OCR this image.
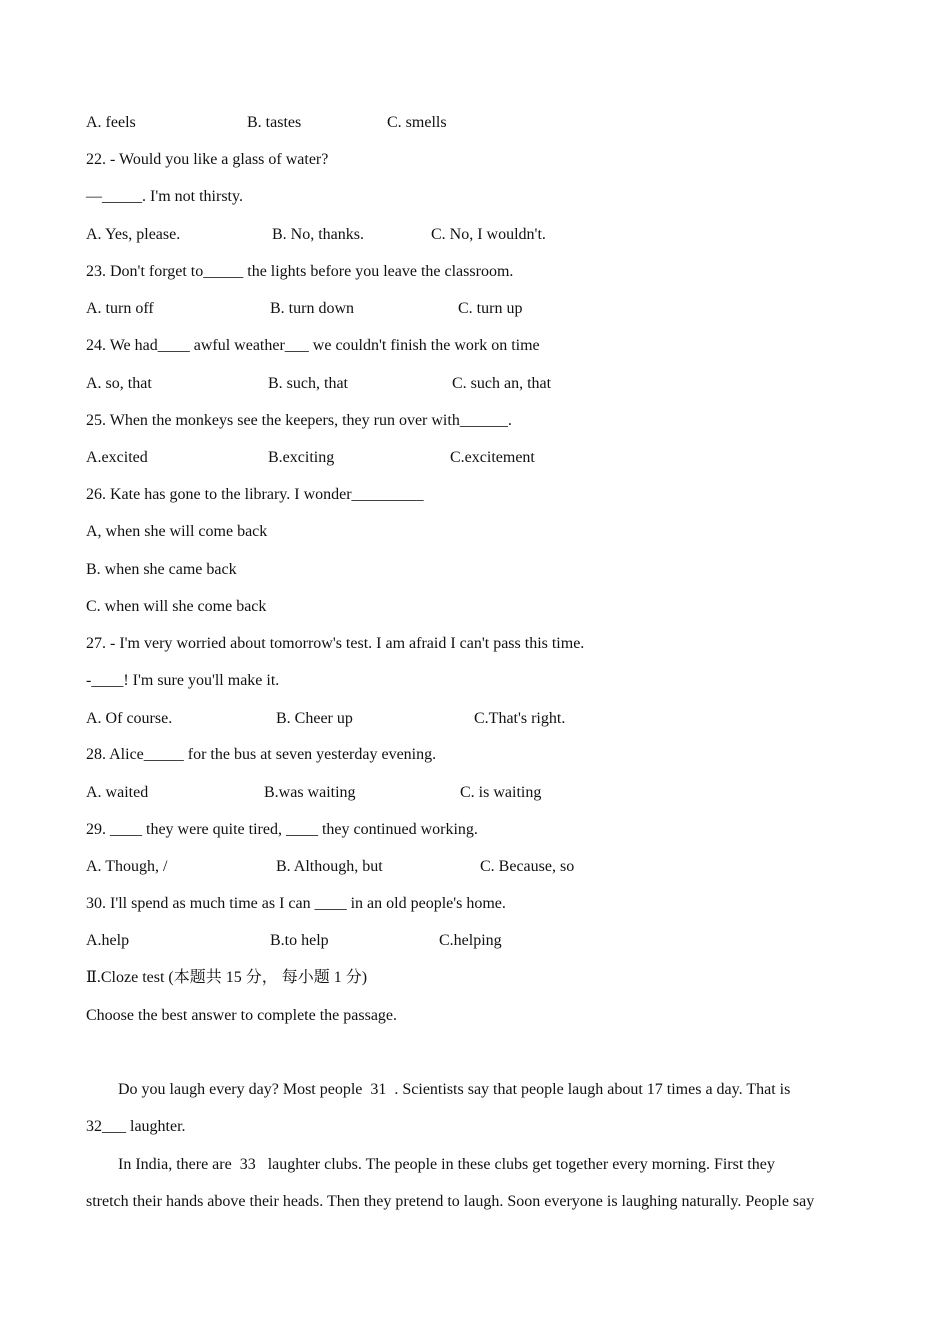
A. feels	B. tastes	C. smells
22. - Would you like a glass of water?
—_____. I'm not thirsty.
A. Yes, please.	B. No, thanks.	C. No, I wouldn't.
23. Don't forget to_____ the lights before you leave the classroom.
A. turn off	B. turn down	C. turn up
24. We had____ awful weather___ we couldn't finish the work on time
A. so, that	B. such, that	C. such an, that
25. When the monkeys see the keepers, they run over with______.
A.excited	B.exciting	C.excitement
26. Kate has gone to the library. I wonder_________
A, when she will come back
B. when she came back
C. when will she come back
27. - I'm very worried about tomorrow's test. I am afraid I can't pass this time.
-____! I'm sure you'll make it.
A. Of course.	B. Cheer up	C.That's right.
28. Alice_____ for the bus at seven yesterday evening.
A. waited	B.was waiting	C. is waiting
29. ____ they were quite tired, ____ they continued working.
A. Though, /	B. Although, but	C. Because, so
30. I'll spend as much time as I can ____ in an old people's home.
A.help	B.to help	C.helping
Ⅱ.Cloze test (本题共 15 分， 每小题 1 分)
Choose the best answer to complete the passage.
Do you laugh every day? Most people  31  . Scientists say that people laugh about 17 times a day. That is
32___ laughter.
In India, there are  33   laughter clubs. The people in these clubs get together every morning. First they
stretch their hands above their heads. Then they pretend to laugh. Soon everyone is laughing naturally. People say
